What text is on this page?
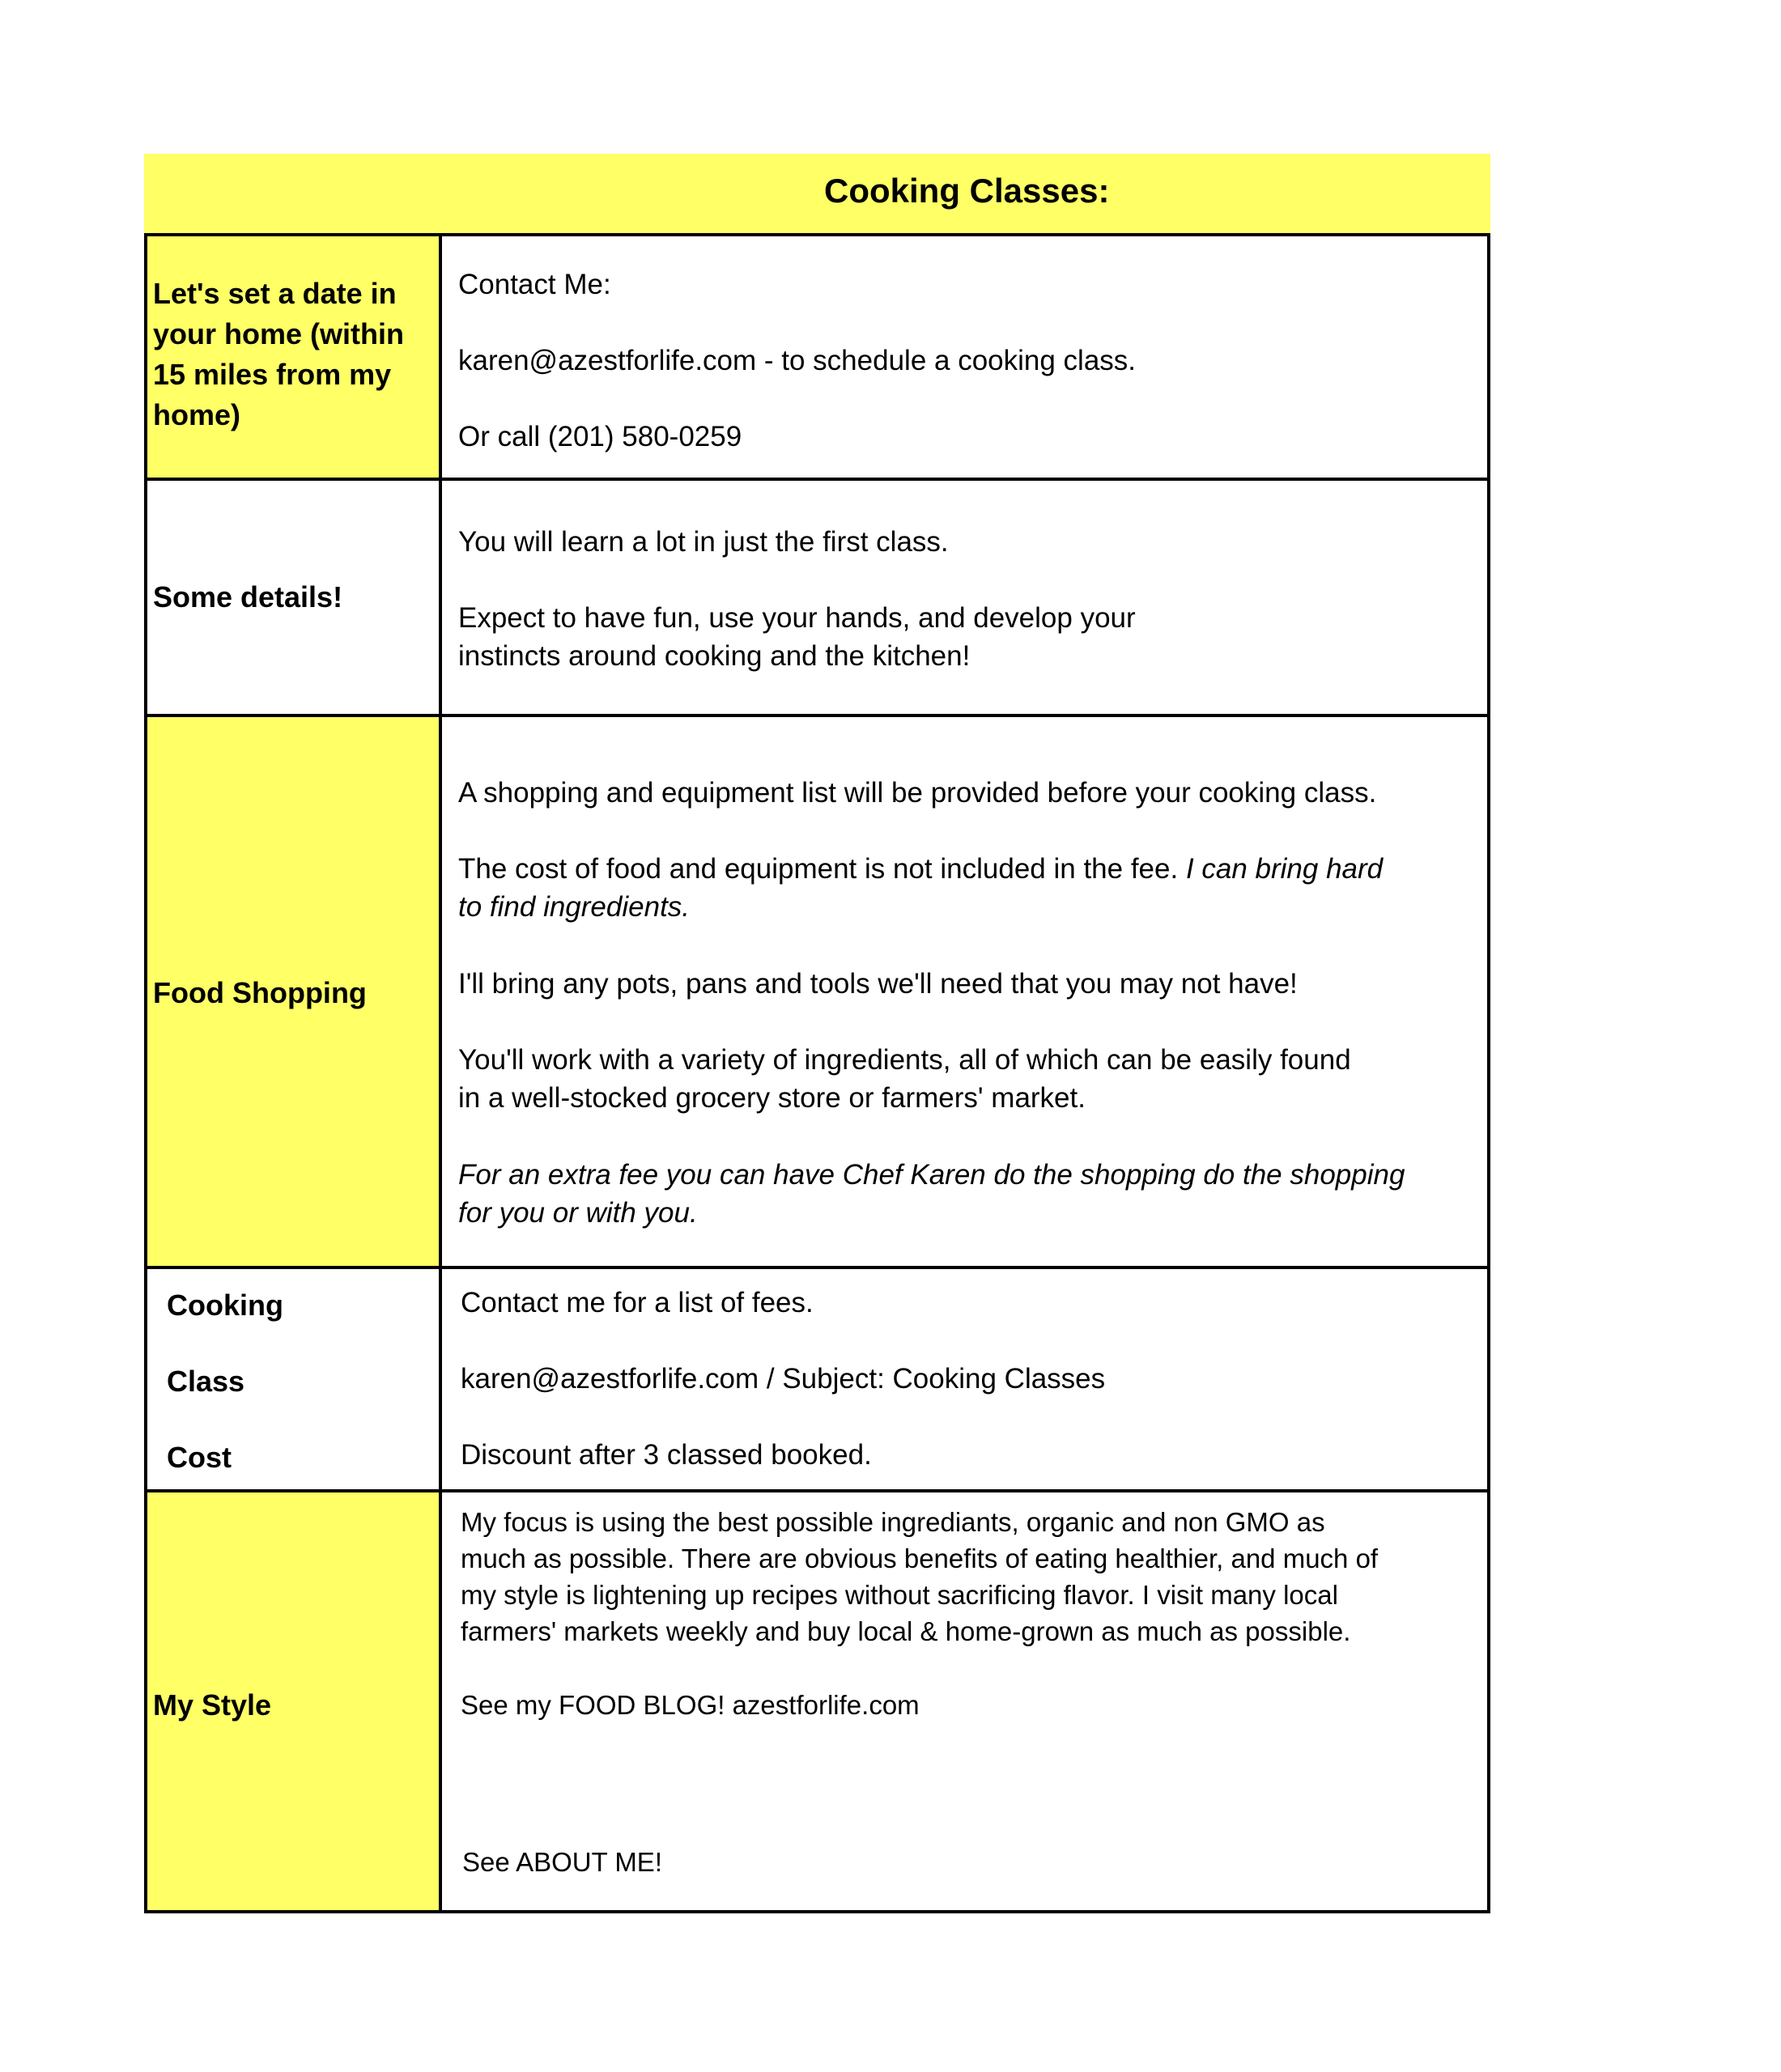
Cooking Classes:
Let's set a date in
your home (within
15 miles from my
home)
Contact Me:
karen@azestforlife.com - to schedule a cooking class.
Or call (201) 580-0259
Some details!
You will learn a lot in just the first class.
Expect to have fun, use your hands, and develop your
instincts around cooking and the kitchen!
Food Shopping
A shopping and equipment list will be provided before your cooking class.
The cost of food and equipment is not included in the fee. I can bring hard
to find ingredients.
I'll bring any pots, pans and tools we'll need that you may not have!
You'll work with a variety of ingredients, all of which can be easily found
in a well-stocked grocery store or farmers' market.
For an extra fee you can have Chef Karen do the shopping do the shopping
for you or with you.
Cooking
Class
Cost
Contact me for a list of fees.
karen@azestforlife.com / Subject: Cooking Classes
Discount after 3 classed booked.
My Style
My focus is using the best possible ingrediants, organic and non GMO as
much as possible. There are obvious benefits of eating healthier, and much of
my style is lightening up recipes without sacrificing flavor. I visit many local
farmers' markets weekly and buy local & home-grown as much as possible.
See my FOOD BLOG! azestforlife.com
See ABOUT ME!
